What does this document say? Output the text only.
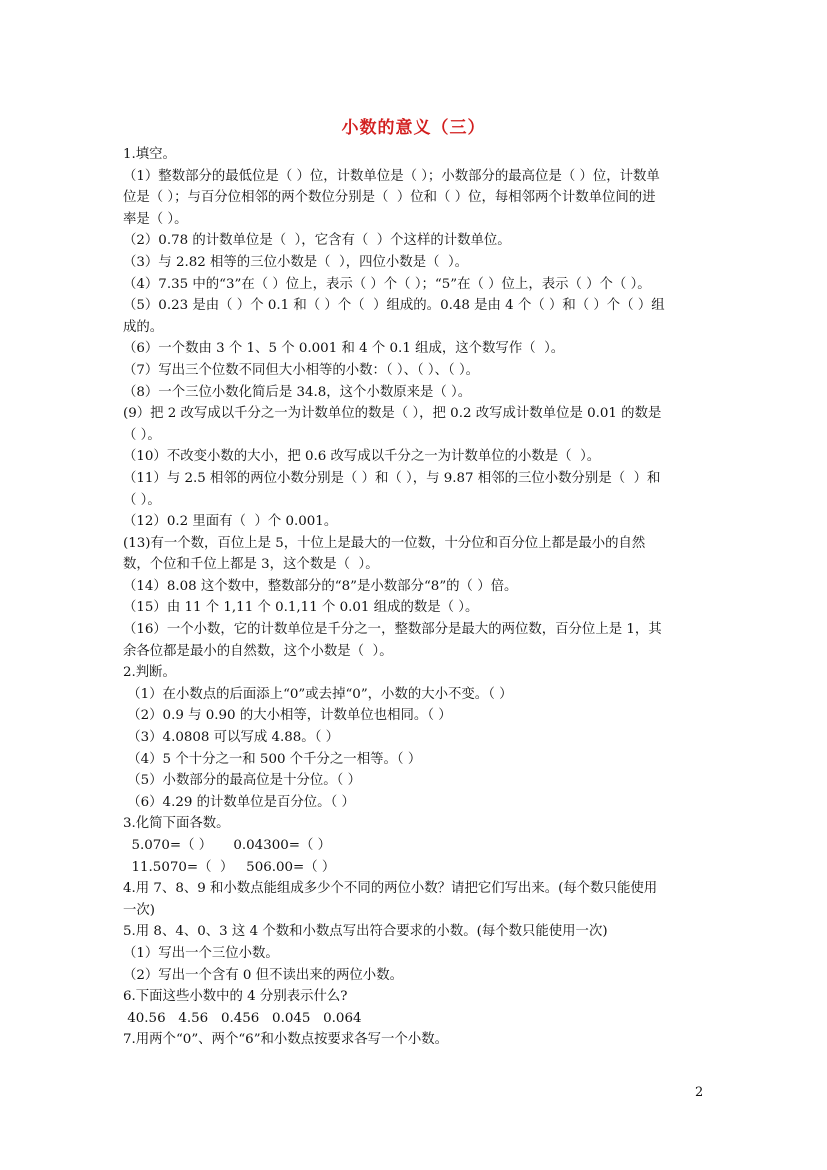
小数的意义（三）
1.填空。
（1）整数部分的最低位是（ ）位，计数单位是（ ）；小数部分的最高位是（ ）位，计数单
位是（ ）；与百分位相邻的两个数位分别是（  ）位和（ ）位，每相邻两个计数单位间的进
率是（ ）。
（2）0.78 的计数单位是（  ），它含有（  ）个这样的计数单位。
（3）与 2.82 相等的三位小数是（  ），四位小数是（  ）。
（4）7.35 中的“3”在（ ）位上，表示（ ）个（ ）；“5”在（ ）位上，表示（ ）个（ ）。
（5）0.23 是由（ ）个 0.1 和（ ）个（  ）组成的。0.48 是由 4 个（ ）和（ ）个（ ）组
成的。
（6）一个数由 3 个 1、5 个 0.001 和 4 个 0.1 组成，这个数写作（  ）。
（7）写出三个位数不同但大小相等的小数：（ ）、（ ）、（ ）。
（8）一个三位小数化简后是 34.8，这个小数原来是（ ）。
(9）把 2 改写成以千分之一为计数单位的数是（ ），把 0.2 改写成计数单位是 0.01 的数是
（ ）。
（10）不改变小数的大小，把 0.6 改写成以千分之一为计数单位的小数是（  ）。
（11）与 2.5 相邻的两位小数分别是（ ）和（ ），与 9.87 相邻的三位小数分别是（  ）和
（ ）。
（12）0.2 里面有（  ）个 0.001。
(13)有一个数，百位上是 5，十位上是最大的一位数，十分位和百分位上都是最小的自然
数，个位和千位上都是 3，这个数是（  ）。
（14）8.08 这个数中，整数部分的“8”是小数部分“8”的（ ）倍。
（15）由 11 个 1,11 个 0.1,11 个 0.01 组成的数是（ ）。
（16）一个小数，它的计数单位是千分之一，整数部分是最大的两位数，百分位上是 1，其
余各位都是最小的自然数，这个小数是（  ）。
2.判断。
（1）在小数点的后面添上“0”或去掉“0”，小数的大小不变。（ ）
（2）0.9 与 0.90 的大小相等，计数单位也相同。（ ）
（3）4.0808 可以写成 4.88。（ ）
（4）5 个十分之一和 500 个千分之一相等。（ ）
（5）小数部分的最高位是十分位。（ ）
（6）4.29 的计数单位是百分位。（ ）
3.化简下面各数。
5.070=（ ）     0.04300=（ ）
11.5070=（  ）   506.00=（ ）
4.用 7、8、9 和小数点能组成多少个不同的两位小数？请把它们写出来。(每个数只能使用
一次)
5.用 8、4、0、3 这 4 个数和小数点写出符合要求的小数。(每个数只能使用一次)
（1）写出一个三位小数。
（2）写出一个含有 0 但不读出来的两位小数。
6.下面这些小数中的 4 分别表示什么?
40.56   4.56   0.456   0.045   0.064
7.用两个“0”、两个“6”和小数点按要求各写一个小数。
2
